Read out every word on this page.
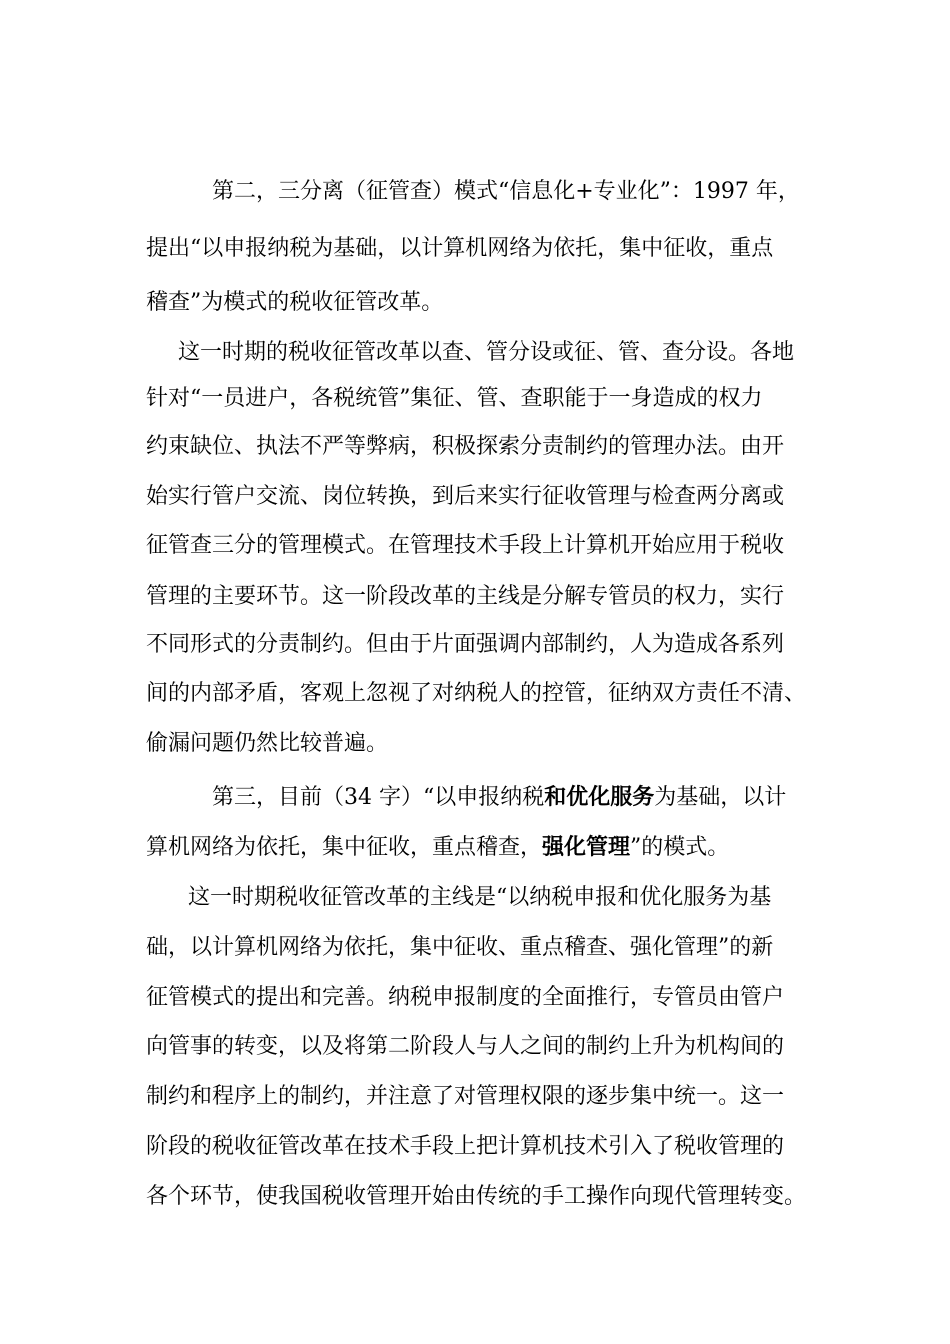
第二，三分离（征管查）模式“信息化+专业化”：1997 年，
提出“以申报纳税为基础，以计算机网络为依托，集中征收，重点
稽查”为模式的税收征管改革。
这一时期的税收征管改革以查、管分设或征、管、查分设。各地
针对“一员进户，各税统管”集征、管、查职能于一身造成的权力
约束缺位、执法不严等弊病，积极探索分责制约的管理办法。由开
始实行管户交流、岗位转换，到后来实行征收管理与检查两分离或
征管查三分的管理模式。在管理技术手段上计算机开始应用于税收
管理的主要环节。这一阶段改革的主线是分解专管员的权力，实行
不同形式的分责制约。但由于片面强调内部制约，人为造成各系列
间的内部矛盾，客观上忽视了对纳税人的控管，征纳双方责任不清、
偷漏问题仍然比较普遍。
第三，目前（34 字）“以申报纳税和优化服务为基础，以计
算机网络为依托，集中征收，重点稽查，强化管理”的模式。
这一时期税收征管改革的主线是“以纳税申报和优化服务为基
础，以计算机网络为依托，集中征收、重点稽查、强化管理”的新
征管模式的提出和完善。纳税申报制度的全面推行，专管员由管户
向管事的转变，以及将第二阶段人与人之间的制约上升为机构间的
制约和程序上的制约，并注意了对管理权限的逐步集中统一。这一
阶段的税收征管改革在技术手段上把计算机技术引入了税收管理的
各个环节，使我国税收管理开始由传统的手工操作向现代管理转变。
